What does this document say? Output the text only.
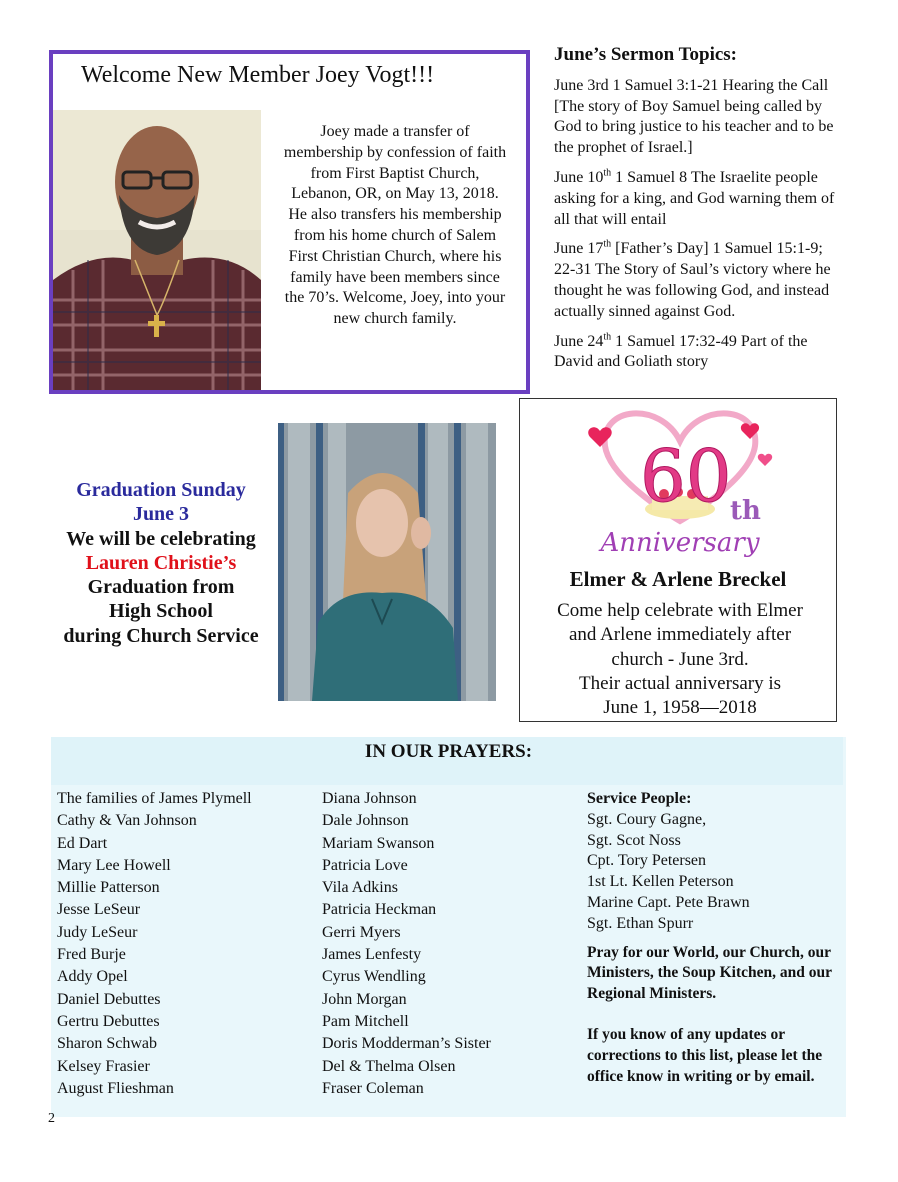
Welcome New Member Joey Vogt!!!

Joey made a transfer of membership by confession of faith from First Baptist Church, Lebanon, OR, on May 13, 2018.

He also transfers his membership from his home church of Salem First Christian Church, where his family have been members since the 70’s. Welcome, Joey, into your new church family.

June’s Sermon Topics:
June 3rd 1 Samuel 3:1-21 Hearing the Call [The story of Boy Samuel being called by God to bring justice to his teacher and to be the prophet of Israel.]
June 10th 1 Samuel 8 The Israelite people asking for a king, and God warning them of all that will entail
June 17th [Father’s Day] 1 Samuel 15:1-9; 22-31 The Story of Saul’s victory where he thought he was following God, and instead actually sinned against God.
June 24th 1 Samuel 17:32-49 Part of the David and Goliath story
Graduation Sunday
June 3
We will be celebrating
Lauren Christie’s
Graduation from
High School
during Church Service
60
th
Anniversary
Elmer & Arlene Breckel

Come help celebrate with Elmer

and Arlene immediately after

church - June 3rd.

Their actual anniversary is

June 1, 1958—2018

IN OUR PRAYERS:
The families of James Plymell
Cathy & Van Johnson
Ed Dart
Mary Lee Howell
Millie Patterson
Jesse LeSeur
Judy LeSeur
Fred Burje
Addy Opel
Daniel Debuttes
Gertru Debuttes
Sharon Schwab
Kelsey Frasier
August Flieshman
Diana Johnson
Dale Johnson
Mariam Swanson
Patricia Love
Vila Adkins
Patricia Heckman
Gerri Myers
James Lenfesty
Cyrus Wendling
John Morgan
Pam Mitchell
Doris Modderman’s Sister
Del & Thelma Olsen
Fraser Coleman
Service People:
Sgt. Coury Gagne,
Sgt. Scot Noss
Cpt. Tory Petersen
1st Lt. Kellen Peterson
Marine Capt. Pete Brawn
Sgt. Ethan Spurr
Pray for our World, our Church, our Ministers, the Soup Kitchen, and our Regional Ministers.
If you know of any updates or corrections to this list, please let the office know in writing or by email.
2
